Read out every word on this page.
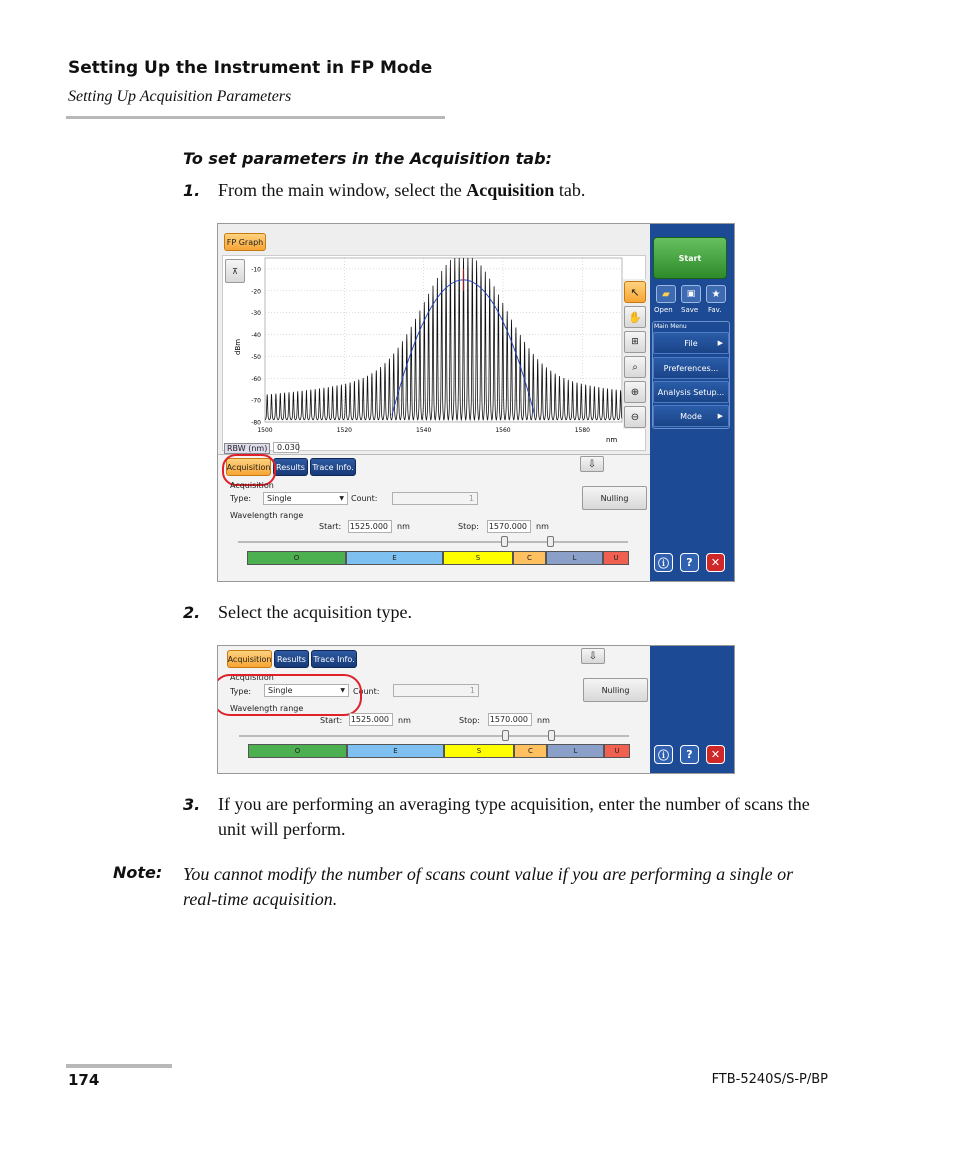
Setting Up the Instrument in FP Mode
Setting Up Acquisition Parameters
To set parameters in the Acquisition tab:
1. From the main window, select the Acquisition tab.
FP Graph
⊼	-10
-20
-30
-40
-50
-60
-70
-80
1500	1520	1540	1560	1580
dBm
nm
↖
✋
⊞
⌕
⊕
⊖
RBW (nm)	0.030
Acquisition Results Trace Info.	⇩
Acquisition
Type: Single	▼ Count:	1	Nulling
Wavelength range
Start: 1525.000	nm	Stop: 1570.000	nm
O	E	S	C	L	U
Start
▰	▣	★
Open Save Fav.
Main Menu
File	▶
Preferences...
Analysis Setup...
Mode ▶
ⓘ	?	✕
2. Select the acquisition type.
Acquisition Results Trace Info.	⇩
Acquisition
Type: Single	▼ Count:	1	Nulling
Wavelength range
Start: 1525.000	nm	Stop: 1570.000	nm
O	E	S	C	L	U	ⓘ	?	✕
3. If you are performing an averaging type acquisition, enter the number of scans the unit will perform.
Note: You cannot modify the number of scans count value if you are performing a single or real-time acquisition.
174	FTB-5240S/S-P/BP
